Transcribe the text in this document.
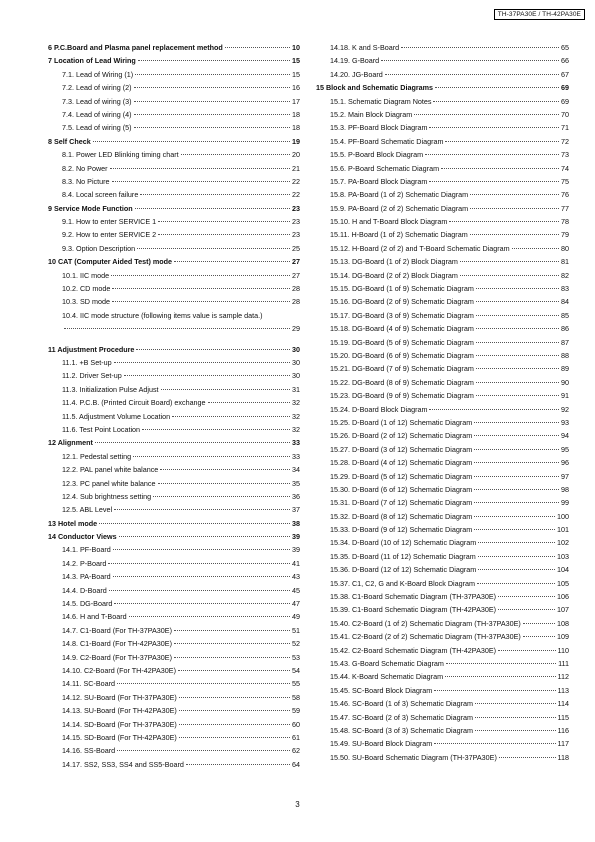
TH-37PA30E / TH-42PA30E
6 P.C.Board and Plasma panel replacement method	10
7 Location of Lead Wiring	15
7.1. Lead of Wiring (1)	15
7.2. Lead of wiring (2)	16
7.3. Lead of wiring (3)	17
7.4. Lead of wiring (4)	18
7.5. Lead of wiring (5)	18
8 Self Check	19
8.1. Power LED Blinking timing chart	20
8.2. No Power	21
8.3. No Picture	22
8.4. Local screen failure	22
9 Service Mode Function	23
9.1. How to enter SERVICE 1	23
9.2. How to enter SERVICE 2	23
9.3. Option Description	25
10 CAT (Computer Aided Test) mode	27
10.1. IIC mode	27
10.2. CD mode	28
10.3. SD mode	28
10.4. IIC mode structure (following items value is sample data.)
29
11 Adjustment Procedure	30
11.1. +B Set-up	30
11.2. Driver Set-up	30
11.3. Initialization Pulse Adjust	31
11.4. P.C.B. (Printed Circuit Board) exchange	32
11.5. Adjustment Volume Location	32
11.6. Test Point Location	32
12 Alignment	33
12.1. Pedestal setting	33
12.2. PAL panel white balance	34
12.3. PC panel white balance	35
12.4. Sub brightness setting	36
12.5. ABL Level	37
13 Hotel mode	38
14 Conductor Views	39
14.1. PF-Board	39
14.2. P-Board	41
14.3. PA-Board	43
14.4. D-Board	45
14.5. DG-Board	47
14.6. H and T-Board	49
14.7. C1-Board (For TH-37PA30E)	51
14.8. C1-Board (For TH-42PA30E)	52
14.9. C2-Board (For TH-37PA30E)	53
14.10. C2-Board (For TH-42PA30E)	54
14.11. SC-Board	55
14.12. SU-Board (For TH-37PA30E)	58
14.13. SU-Board (For TH-42PA30E)	59
14.14. SD-Board (For TH-37PA30E)	60
14.15. SD-Board (For TH-42PA30E)	61
14.16. SS-Board	62
14.17. SS2, SS3, SS4 and SS5-Board	64
14.18. K and S-Board	65
14.19. G-Board	66
14.20. JG-Board	67
15 Block and Schematic Diagrams	69
15.1. Schematic Diagram Notes	69
15.2. Main Block Diagram	70
15.3. PF-Board Block Diagram	71
15.4. PF-Board Schematic Diagram	72
15.5. P-Board Block Diagram	73
15.6. P-Board Schematic Diagram	74
15.7. PA-Board Block Diagram	75
15.8. PA-Board (1 of 2) Schematic Diagram	76
15.9. PA-Board (2 of 2) Schematic Diagram	77
15.10. H and T-Board Block Diagram	78
15.11. H-Board (1 of 2) Schematic Diagram	79
15.12. H-Board (2 of 2) and T-Board Schematic Diagram	80
15.13. DG-Board (1 of 2) Block Diagram	81
15.14. DG-Board (2 of 2) Block Diagram	82
15.15. DG-Board (1 of 9) Schematic Diagram	83
15.16. DG-Board (2 of 9) Schematic Diagram	84
15.17. DG-Board (3 of 9) Schematic Diagram	85
15.18. DG-Board (4 of 9) Schematic Diagram	86
15.19. DG-Board (5 of 9) Schematic Diagram	87
15.20. DG-Board (6 of 9) Schematic Diagram	88
15.21. DG-Board (7 of 9) Schematic Diagram	89
15.22. DG-Board (8 of 9) Schematic Diagram	90
15.23. DG-Board (9 of 9) Schematic Diagram	91
15.24. D-Board Block Diagram	92
15.25. D-Board (1 of 12) Schematic Diagram	93
15.26. D-Board (2 of 12) Schematic Diagram	94
15.27. D-Board (3 of 12) Schematic Diagram	95
15.28. D-Board (4 of 12) Schematic Diagram	96
15.29. D-Board (5 of 12) Schematic Diagram	97
15.30. D-Board (6 of 12) Schematic Diagram	98
15.31. D-Board (7 of 12) Schematic Diagram	99
15.32. D-Board (8 of 12) Schematic Diagram	100
15.33. D-Board (9 of 12) Schematic Diagram	101
15.34. D-Board (10 of 12) Schematic Diagram	102
15.35. D-Board (11 of 12) Schematic Diagram	103
15.36. D-Board (12 of 12) Schematic Diagram	104
15.37. C1, C2, G and K-Board Block Diagram	105
15.38. C1-Board Schematic Diagram (TH-37PA30E)	106
15.39. C1-Board Schematic Diagram (TH-42PA30E)	107
15.40. C2-Board (1 of 2) Schematic Diagram (TH-37PA30E)	108
15.41. C2-Board (2 of 2) Schematic Diagram (TH-37PA30E)	109
15.42. C2-Board Schematic Diagram (TH-42PA30E)	110
15.43. G-Board Schematic Diagram	111
15.44. K-Board Schematic Diagram	112
15.45. SC-Board Block Diagram	113
15.46. SC-Board (1 of 3) Schematic Diagram	114
15.47. SC-Board (2 of 3) Schematic Diagram	115
15.48. SC-Board (3 of 3) Schematic Diagram	116
15.49. SU-Board Block Diagram	117
15.50. SU-Board Schematic Diagram (TH-37PA30E)	118
3
